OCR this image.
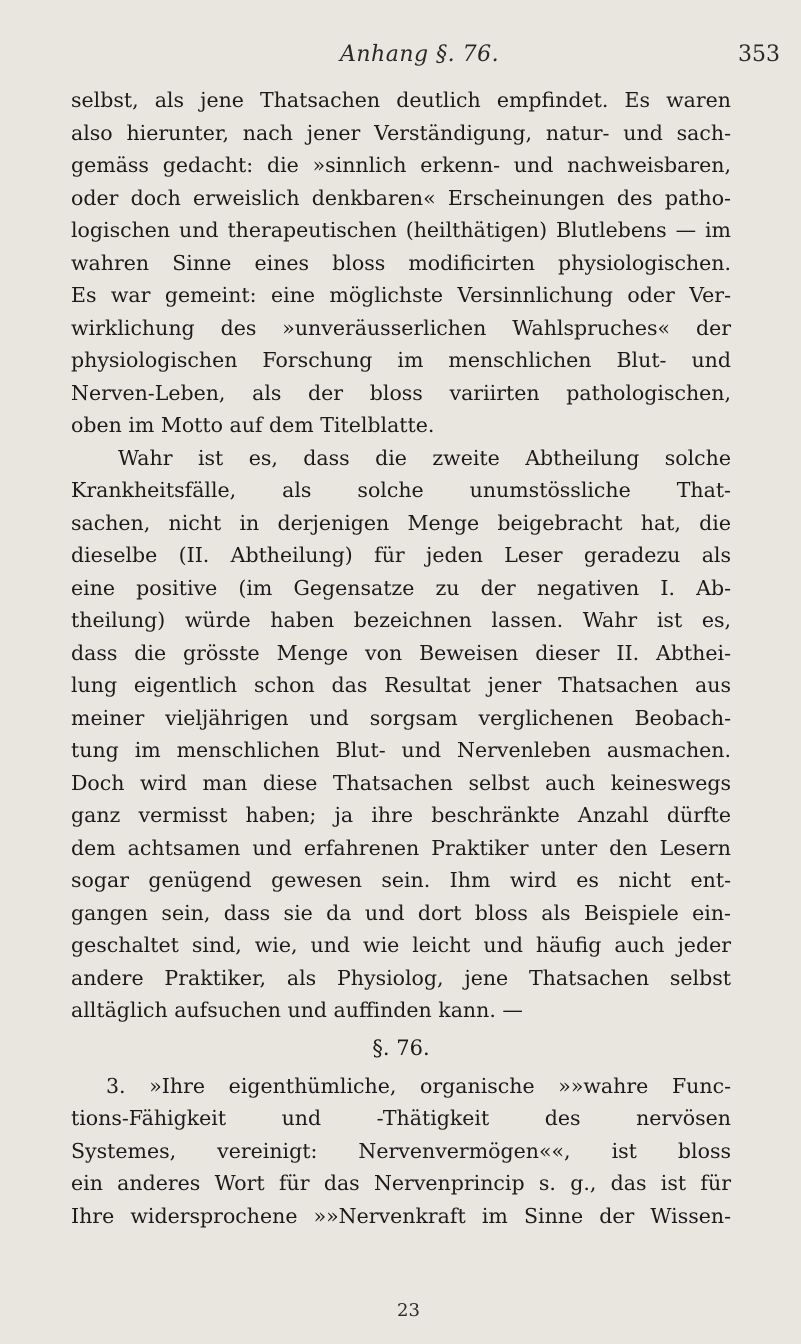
Anhang §. 76.	353
selbst, als jene Thatsachen deutlich empfindet. Es waren
also hierunter, nach jener Verständigung, natur- und sach-
gemäss gedacht: die »sinnlich erkenn- und nachweisbaren,
oder doch erweislich denkbaren« Erscheinungen des patho-
logischen und therapeutischen (heilthätigen) Blutlebens — im
wahren Sinne eines bloss modificirten physiologischen.
Es war gemeint: eine möglichste Versinnlichung oder Ver-
wirklichung des »unveräusserlichen Wahlspruches« der
physiologischen Forschung im menschlichen Blut- und
Nerven-Leben, als der bloss variirten pathologischen,
oben im Motto auf dem Titelblatte.
Wahr ist es, dass die zweite Abtheilung solche
Krankheitsfälle, als solche unumstössliche That-
sachen, nicht in derjenigen Menge beigebracht hat, die
dieselbe (II. Abtheilung) für jeden Leser geradezu als
eine positive (im Gegensatze zu der negativen I. Ab-
theilung) würde haben bezeichnen lassen. Wahr ist es,
dass die grösste Menge von Beweisen dieser II. Abthei-
lung eigentlich schon das Resultat jener Thatsachen aus
meiner vieljährigen und sorgsam verglichenen Beobach-
tung im menschlichen Blut- und Nervenleben ausmachen.
Doch wird man diese Thatsachen selbst auch keineswegs
ganz vermisst haben; ja ihre beschränkte Anzahl dürfte
dem achtsamen und erfahrenen Praktiker unter den Lesern
sogar genügend gewesen sein. Ihm wird es nicht ent-
gangen sein, dass sie da und dort bloss als Beispiele ein-
geschaltet sind, wie, und wie leicht und häufig auch jeder
andere Praktiker, als Physiolog, jene Thatsachen selbst
alltäglich aufsuchen und auffinden kann. —
§. 76.
3. »Ihre eigenthümliche, organische »»wahre Func-
tions-Fähigkeit und -Thätigkeit des nervösen
Systemes, vereinigt: Nervenvermögen««, ist bloss
ein anderes Wort für das Nervenprincip s. g., das ist für
Ihre widersprochene »»Nervenkraft im Sinne der Wissen-
23
